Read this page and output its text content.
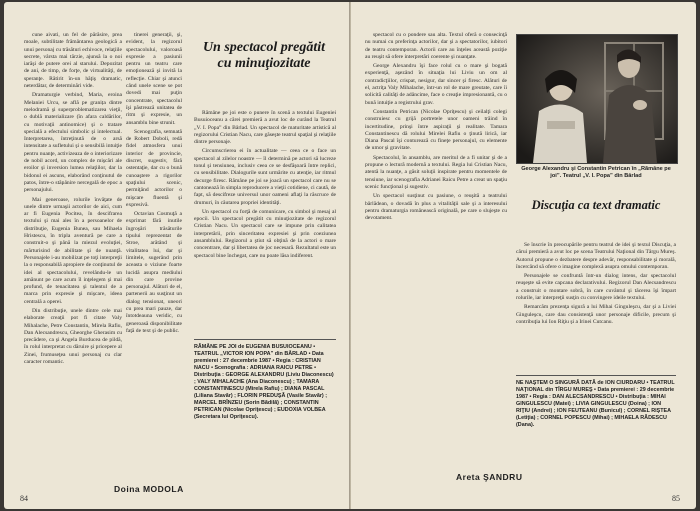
cune aivati, un fel de părăsire, prea moale, subtilitate frământarea geologică a unui personaj cu trăsături echivoce, relaţiile secrete, vârsta mai tărzie, ajunsă la o noi iarăşi de putere orei al starului. Depozitat de ani, de timp, de forţe, de virtualităţi, de speranţe. Rătirit în-un hăţiş dramatic, neterdătar, de determinări vide.

Dramaturgie verbind, Maria, eroina Melaniei Urcu, se află pe granița dintre melodramă şi superproblematizarea vieţii, o dublă materializare (în afara caldărilor, cu motivaţii antinomice) şi o tratare specială a efectului simbolic şi intelectual. Interpretarea, întreţinută de o arsă intensitate a sufletului şi o sensibilă intuiţie pentru nuanţe, activizeaza de o interiorizare de nobil acord, un complex de mişcări ale eroilor şi inversion lumea relaţiilor, dar la bidonul ei ascuns, elaborând conţinutul de patos, între-o stăpânire nercegală de epoc a personajului.

Mai generoase, rolurile învăţate de unele dintre urmaşii actorilor de aici, cum ar fi Eugenia Pocitea, în descifrarea textului şi mai ales în a persoanelor de distribuţie, Eugenia Bunea, sau Mihaela Hristescu, în tripla aventură pe care a construit-o şi până la miezul evoluţiei, mărturisind de abilitate şi de nuanţă. Personajele i-au mobilizat pe toţi interpreţii la o responsabilă apropiere de conţinutul de idei al spectacolului, revelându-le un amănunt pe care acum îl inţelegem şi mai profund, de tenacitatea şi talentul de a marca prin expresie şi mişcare, ideea centrală a operei.

Din distribuţie, unele dintre cele mai elaborate creaţii pot fi citate Valy Mihalache, Petre Constantin, Mirela Rafiu, Dan Alecsandrescu, Gheorghe Gherasim cu precădere, ca şi Angela Burducea de pildă, în rolul interpretat cu dăruire şi pricepere al Zinei, frumuseţea unui personaj cu clar caracter romantic.

tinerei generaţii, şi, evident, la regizorul spectacolului, valoroasă expresie a pasiunii pentru un teatru care emoţionează şi invită la reflecţie. Chiar şi atunci când unele scene se pot dovedi mai puţin concentrate, spectacolul îşi păstrează unitatea de ritm şi expresie, un ansamblu bine strunit.

Scenografia, semnată de Robert Doboli, redă fidel atmosfera unui interior de provincie, discret, sugestiv, fără ostentaţie, dar cu o bună cunoaştere a rigorilor spaţiului scenic, permiţând actorilor o mişcare fluentă şi expresivă.

Octavian Cosmuţă a exprimat fără inutile îngroşări trăsăturile tipului reprezentat de Stroe, arătând şi vitalitatea lui, dar şi limitele, sugerând prin aceasta o viziune foarte lucidă asupra mediului din care provine personajul. Alături de el, partenerii au susţinut un dialog tensionat, uneori cu prea mari pauze, dar întotdeauna veridic, cu generoasă disponibilitate faţă de text şi de public.

Doina MODOLA
84
Un spectacol pregătit cu minuţiozitate

Rămâne pe joi este o punere în scenă a textului Eugeniei Busuioceanu a cărei premieră a avut loc de curând la Teatrul „V. I. Popa” din Bârlad. Un spectacol de maturitate artistică al regizorului Cristian Nacu, care găseşte teatrul spaţial şi relaţiile dintre personaje.

Circumscrierea ei în actualitate — ceea ce o face un spectacol al zilelor noastre — îl determină pe actori să lucreze tonul şi tensiunea, inclusiv ceea ce se desfăşoară între replici, cu sensibilitate. Dialogurile sunt urmărite cu atenţie, iar ritmul decurge firesc. Rămâne pe joi se joacă un spectacol care nu se cantonează în simpla reproducere a vieţii cotidiene, ci caută, de fapt, să descifreze universul unor oameni aflaţi la răscruce de drumuri, în căutarea propriei identităţi.

Un spectacol cu forţă de comunicare, cu simbol şi mesaj al epocii. Un spectacol pregătit cu minuţiozitate de regizorul Cristian Nacu. Un spectacol care se impune prin calitatea interpretării, prin sinceritatea expresiei şi prin coeziunea ansamblului. Regizorul a ştiut să obţină de la actori o mare concentrare, dar şi libertatea de joc necesară. Rezultatul este un spectacol bine închegat, care nu poate lăsa indiferent.

RĂMÂNE PE JOI de EUGENIA BUSUIOCEANU • TEATRUL „VICTOR ION POPA” din BÂRLAD • Data premierei : 27 decembrie 1987 • Regia : CRISTIAN NACU • Scenografia : ADRIANA RAICU PETRE • Distribuţia : GEORGE ALEXANDRU (Liviu Diaconescu) ; VALY MIHALACHE (Ana Diaconescu) ; TAMARA CONSTANTINESCU (Mirela Rafiu) ; DIANA PASCAL (Liliana Stavăr) ; FLORIN PREDUŞĂ (Vasile Stavăr) ; MARCEL BRÎNZEU (Sorin Bădilă) ; CONSTANTIN PETRICAN (Nicolae Opriţescu) ; EUDOXIA VOLBEA (Secretara lui Opriţescu).

spectacol cu o pondere sau alta. Textul oferă o consecinţă nu numai cu preferinţa actorilor, dar şi a spectatorilor, iubitori de teatru contemporan. Actorii care au înţeles această poziţie au reuşit să ofere interpretări coerente şi nuanţate.

George Alexandru îşi face rolul cu o mare şi bogată experienţă, aşezând în situaţia lui Liviu un om al contradicţiilor, crispat, nesigur, dar sincer şi firesc. Alături de el, actriţa Valy Mihalache, într-un rol de mare greutate, care îi solicită calităţi de adâncime, face o creaţie impresionantă, cu o bună intuiţie a registrului grav.

Constantin Petrican (Nicolae Opriţescu) şi ceilalţi colegi construiesc cu grijă portretele unor oameni trăind în incertitudine, prinşi între aspiraţii şi realitate. Tamara Constantinescu dă rolului Mirelei Rafiu o ţinută lirică, iar Diana Pascal îşi conturează cu fineţe personajul, cu elemente de umor şi gravitate.

Spectacolul, în ansamblu, are meritul de a fi unitar şi de a propune o lectură modernă a textului. Regia lui Cristian Nacu, atentă la nuanţe, a găsit soluţii inspirate pentru momentele de tensiune, iar scenografia Adrianei Raicu Petre a creat un spaţiu scenic funcţional şi sugestiv.

Un spectacol susţinut cu pasiune, o reuşită a teatrului bârlădean, o dovadă în plus a vitalităţii sale şi a interesului pentru dramaturgia românească originală, pe care o slujeşte cu devotament.

Areta ŞANDRU
George Alexandru şi Constantin Petrican în „Rămâne pe joi”. Teatrul „V. I. Popa” din Bârlad
Discuţia ca text dramatic

Se înscrie în preocupările pentru teatrul de idei şi textul Discuţia, a cărui premieră a avut loc pe scena Teatrului Naţional din Târgu Mureş. Autorul propune o dezbatere despre adevăr, responsabilitate şi morală, încercând să ofere o imagine complexă asupra omului contemporan.

Personajele se confruntă într-un dialog intens, dar spectacolul reuşeşte să evite capcana declarativului. Regizorul Dan Alecsandrescu a construit o montare sobră, în care cuvântul şi tăcerea îşi împart rolurile, iar interpreţii susţin cu convingere ideile textului.

Remarcăm prezenţa sigură a lui Mihai Ginguleşcu, dar şi a Liviei Ginguleşcu, care dau consistenţă unor personaje dificile, precum şi contribuţia lui Ion Riţiu şi a Irinei Cutcanu.

NE NAŞTEM O SINGURĂ DATĂ de ION CIURDARU • TEATRUL NAŢIONAL din TÎRGU MUREŞ • Data premierei : 29 decembrie 1987 • Regia : DAN ALECSANDRESCU • Distribuţia : MIHAI GINGULESCU (Matei) ; LIVIA GINGULESCU (Doina) ; ION RIŢIU (Andrei) ; ION FEUTEANU (Bunicul) ; CORNEL RIŞTEA (Letiţia) ; CORNEL POPESCU (Mihai) ; MIHAELA RĂDESCU (Dana).

85
